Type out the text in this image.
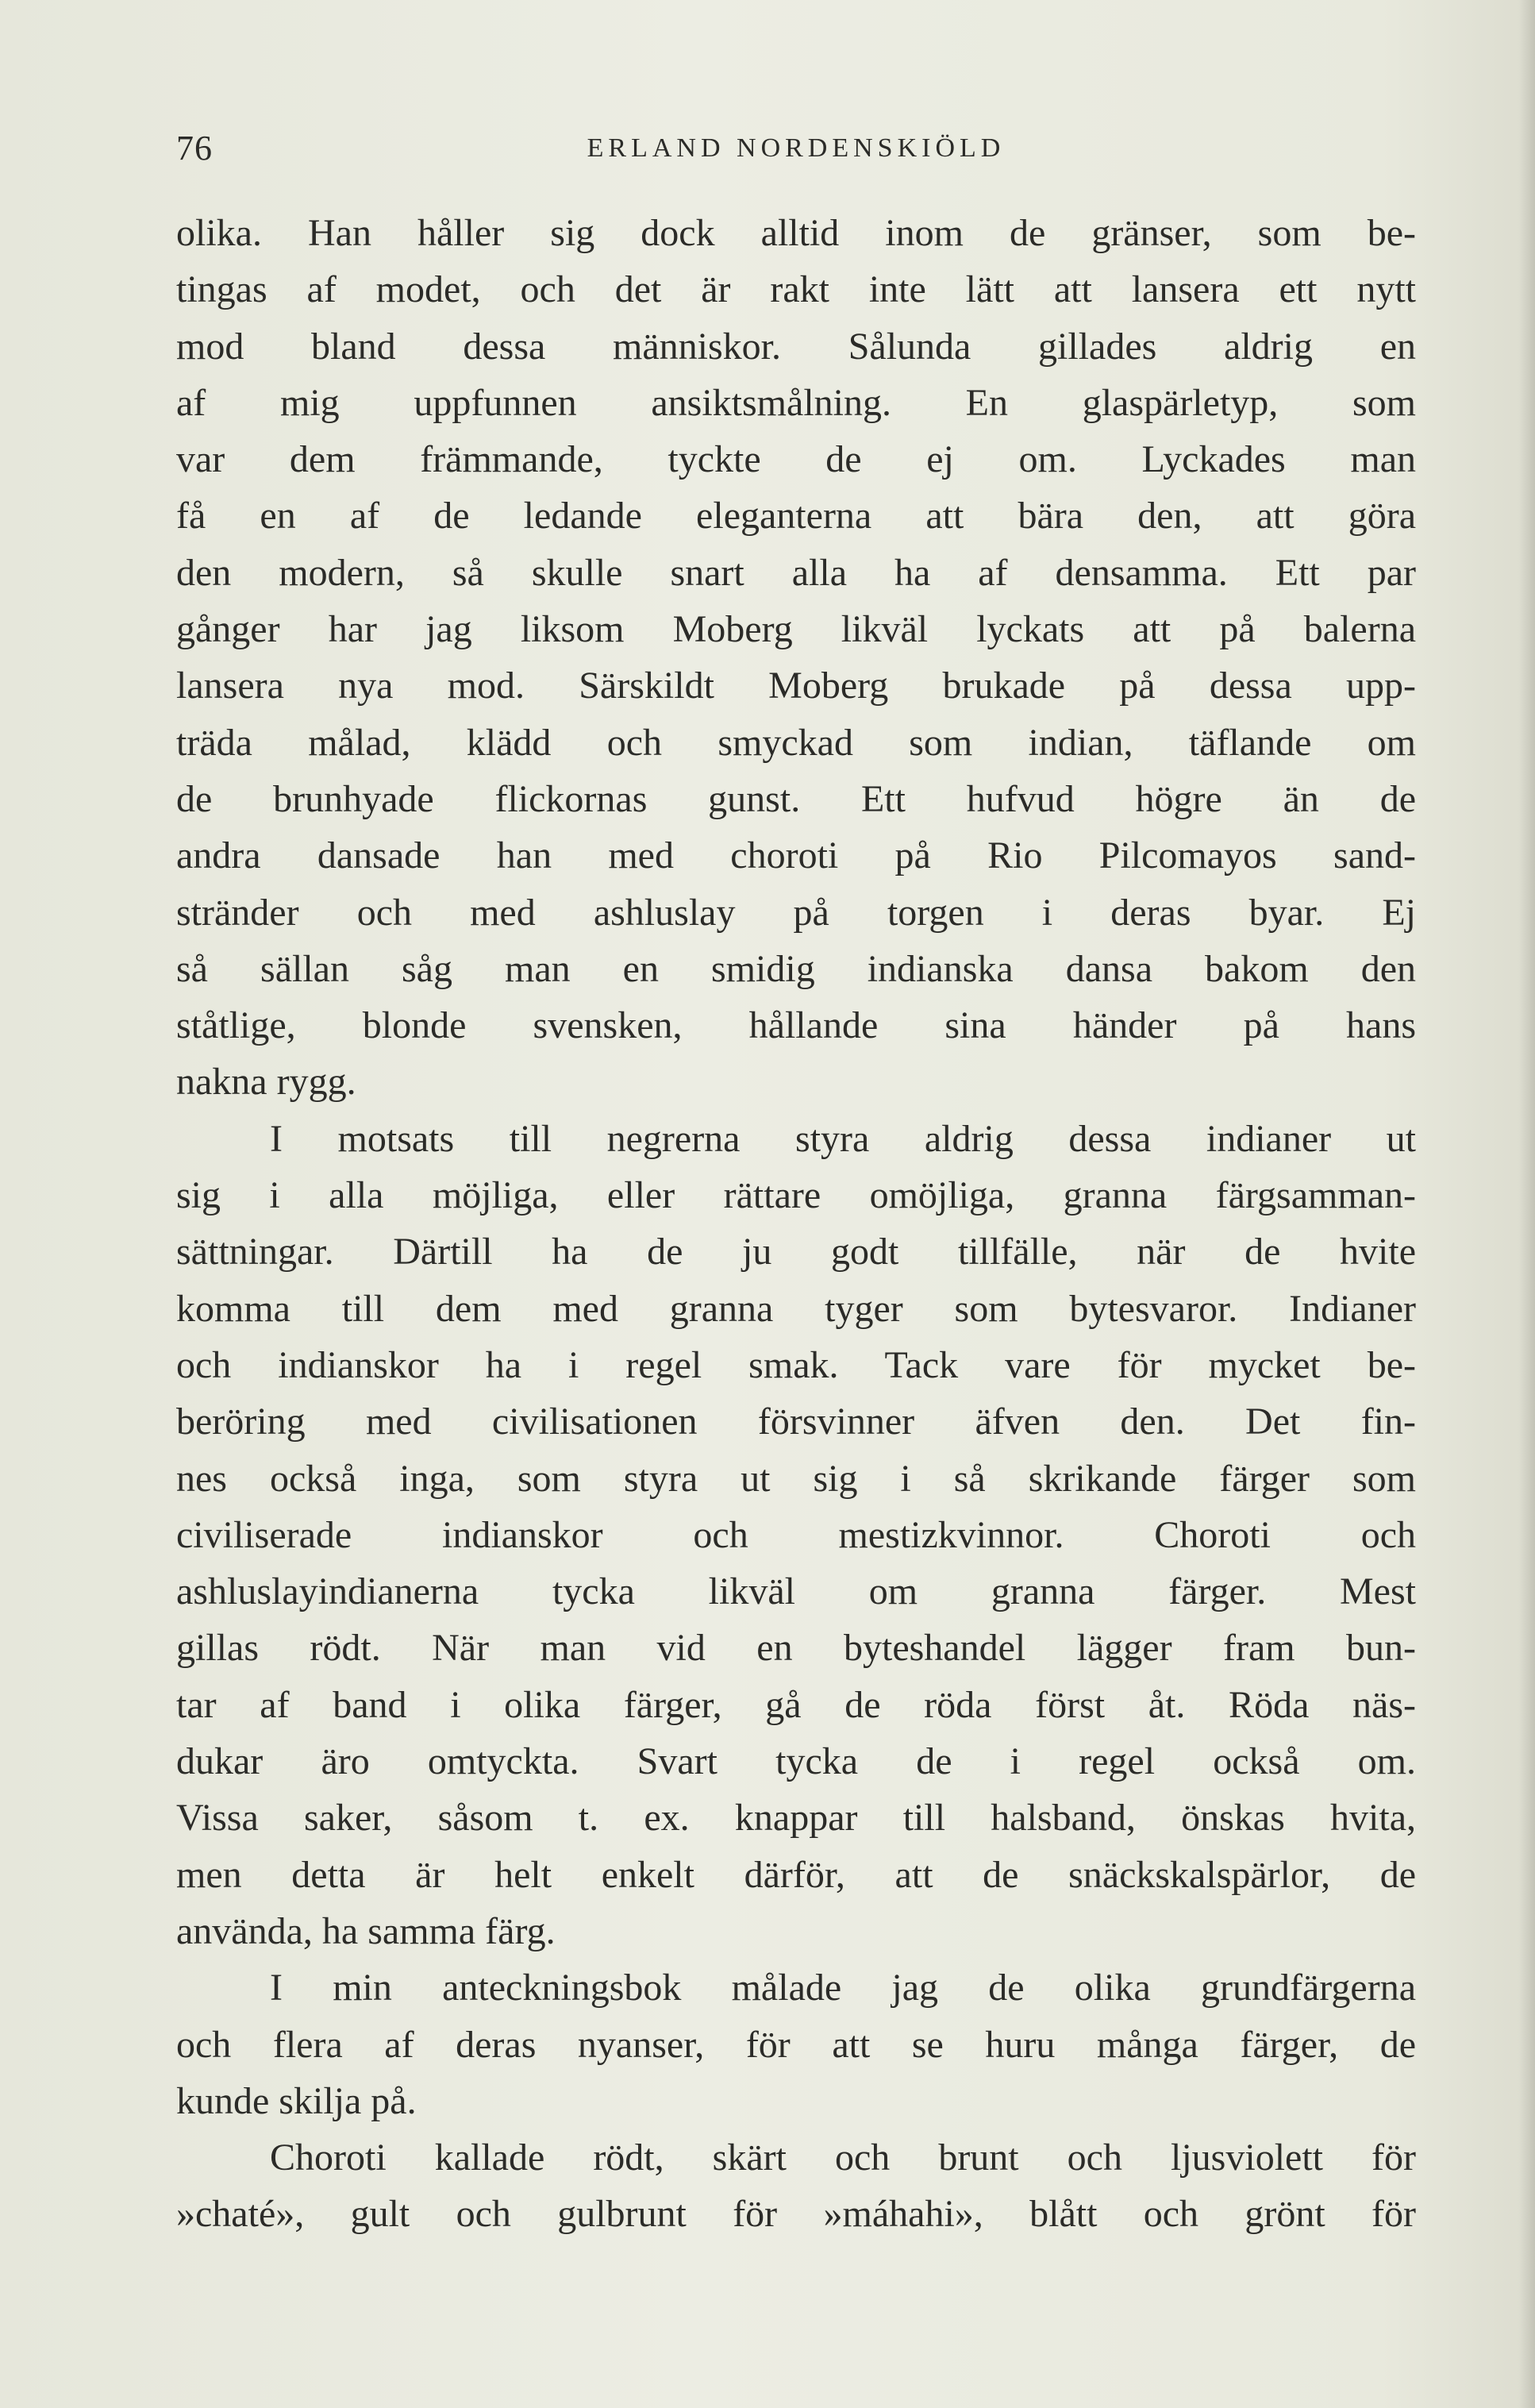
76	ERLAND NORDENSKIÖLD
olika. Han håller sig dock alltid inom de gränser, som be-
tingas af modet, och det är rakt inte lätt att lansera ett nytt
mod bland dessa människor. Sålunda gillades aldrig en
af mig uppfunnen ansiktsmålning. En glaspärletyp, som
var dem främmande, tyckte de ej om. Lyckades man
få en af de ledande eleganterna att bära den, att göra
den modern, så skulle snart alla ha af densamma. Ett par
gånger har jag liksom Moberg likväl lyckats att på balerna
lansera nya mod. Särskildt Moberg brukade på dessa upp-
träda målad, klädd och smyckad som indian, täflande om
de brunhyade flickornas gunst. Ett hufvud högre än de
andra dansade han med choroti på Rio Pilcomayos sand-
stränder och med ashluslay på torgen i deras byar. Ej
så sällan såg man en smidig indianska dansa bakom den
ståtlige, blonde svensken, hållande sina händer på hans
nakna rygg.
I motsats till negrerna styra aldrig dessa indianer ut
sig i alla möjliga, eller rättare omöjliga, granna färgsamman-
sättningar. Därtill ha de ju godt tillfälle, när de hvite
komma till dem med granna tyger som bytesvaror. Indianer
och indianskor ha i regel smak. Tack vare för mycket be-
beröring med civilisationen försvinner äfven den. Det fin-
nes också inga, som styra ut sig i så skrikande färger som
civiliserade indianskor och mestizkvinnor. Choroti och
ashluslayindianerna tycka likväl om granna färger. Mest
gillas rödt. När man vid en byteshandel lägger fram bun-
tar af band i olika färger, gå de röda först åt. Röda näs-
dukar äro omtyckta. Svart tycka de i regel också om.
Vissa saker, såsom t. ex. knappar till halsband, önskas hvita,
men detta är helt enkelt därför, att de snäckskalspärlor, de
använda, ha samma färg.
I min anteckningsbok målade jag de olika grundfärgerna
och flera af deras nyanser, för att se huru många färger, de
kunde skilja på.
Choroti kallade rödt, skärt och brunt och ljusviolett för
»chaté», gult och gulbrunt för »máhahi», blått och grönt för
